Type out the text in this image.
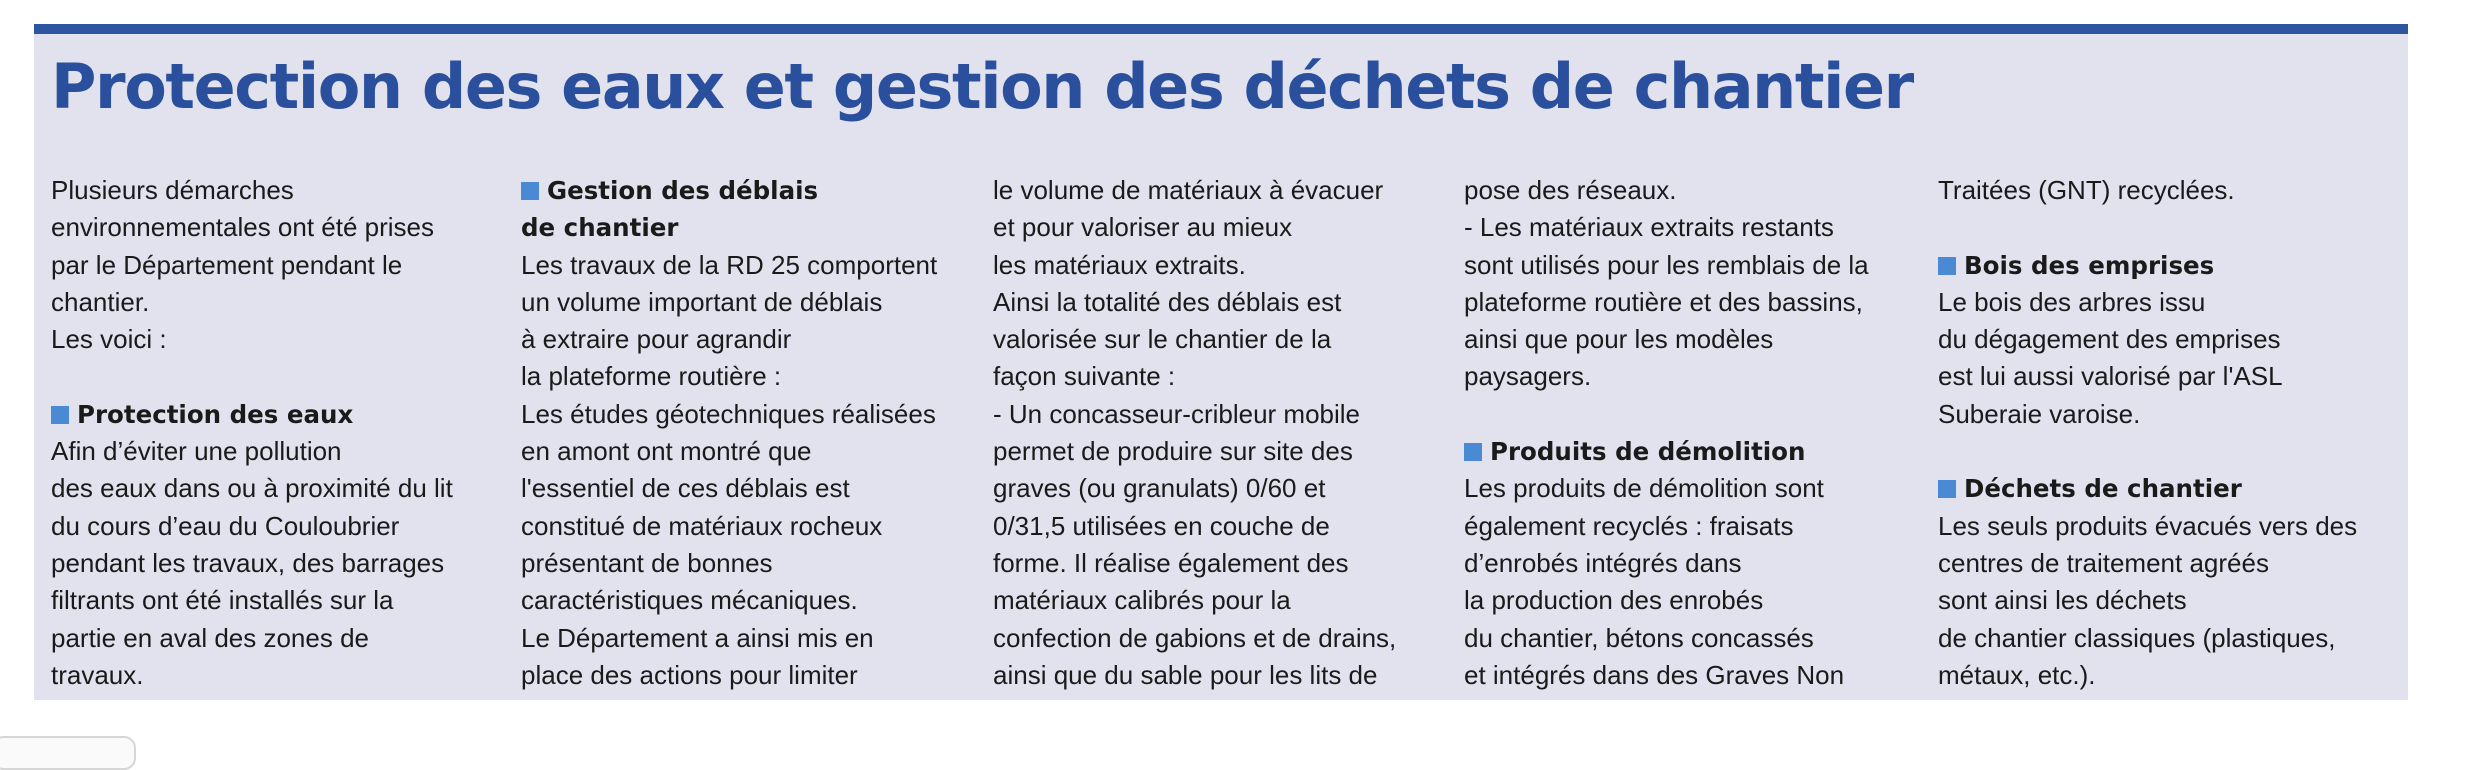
Protection des eaux et gestion des déchets de chantier

Plusieurs démarches
environnementales ont été prises
par le Département pendant le
chantier.
Les voici :

Protection des eaux

Afin d’éviter une pollution
des eaux dans ou à proximité du lit
du cours d’eau du Couloubrier
pendant les travaux, des barrages
filtrants ont été installés sur la
partie en aval des zones de
travaux.

Gestion des déblais
de chantier

Les travaux de la RD 25 comportent
un volume important de déblais
à extraire pour agrandir
la plateforme routière :
Les études géotechniques réalisées
en amont ont montré que
l'essentiel de ces déblais est
constitué de matériaux rocheux
présentant de bonnes
caractéristiques mécaniques.
Le Département a ainsi mis en
place des actions pour limiter

le volume de matériaux à évacuer
et pour valoriser au mieux
les matériaux extraits.
Ainsi la totalité des déblais est
valorisée sur le chantier de la
façon suivante :
- Un concasseur-cribleur mobile
permet de produire sur site des
graves (ou granulats) 0/60 et
0/31,5 utilisées en couche de
forme. Il réalise également des
matériaux calibrés pour la
confection de gabions et de drains,
ainsi que du sable pour les lits de

pose des réseaux.
- Les matériaux extraits restants
sont utilisés pour les remblais de la
plateforme routière et des bassins,
ainsi que pour les modèles
paysagers.

Produits de démolition

Les produits de démolition sont
également recyclés : fraisats
d’enrobés intégrés dans
la production des enrobés
du chantier, bétons concassés
et intégrés dans des Graves Non

Traitées (GNT) recyclées.

Bois des emprises

Le bois des arbres issu
du dégagement des emprises
est lui aussi valorisé par l'ASL
Suberaie varoise.

Déchets de chantier

Les seuls produits évacués vers des
centres de traitement agréés
sont ainsi les déchets
de chantier classiques (plastiques,
métaux, etc.).
